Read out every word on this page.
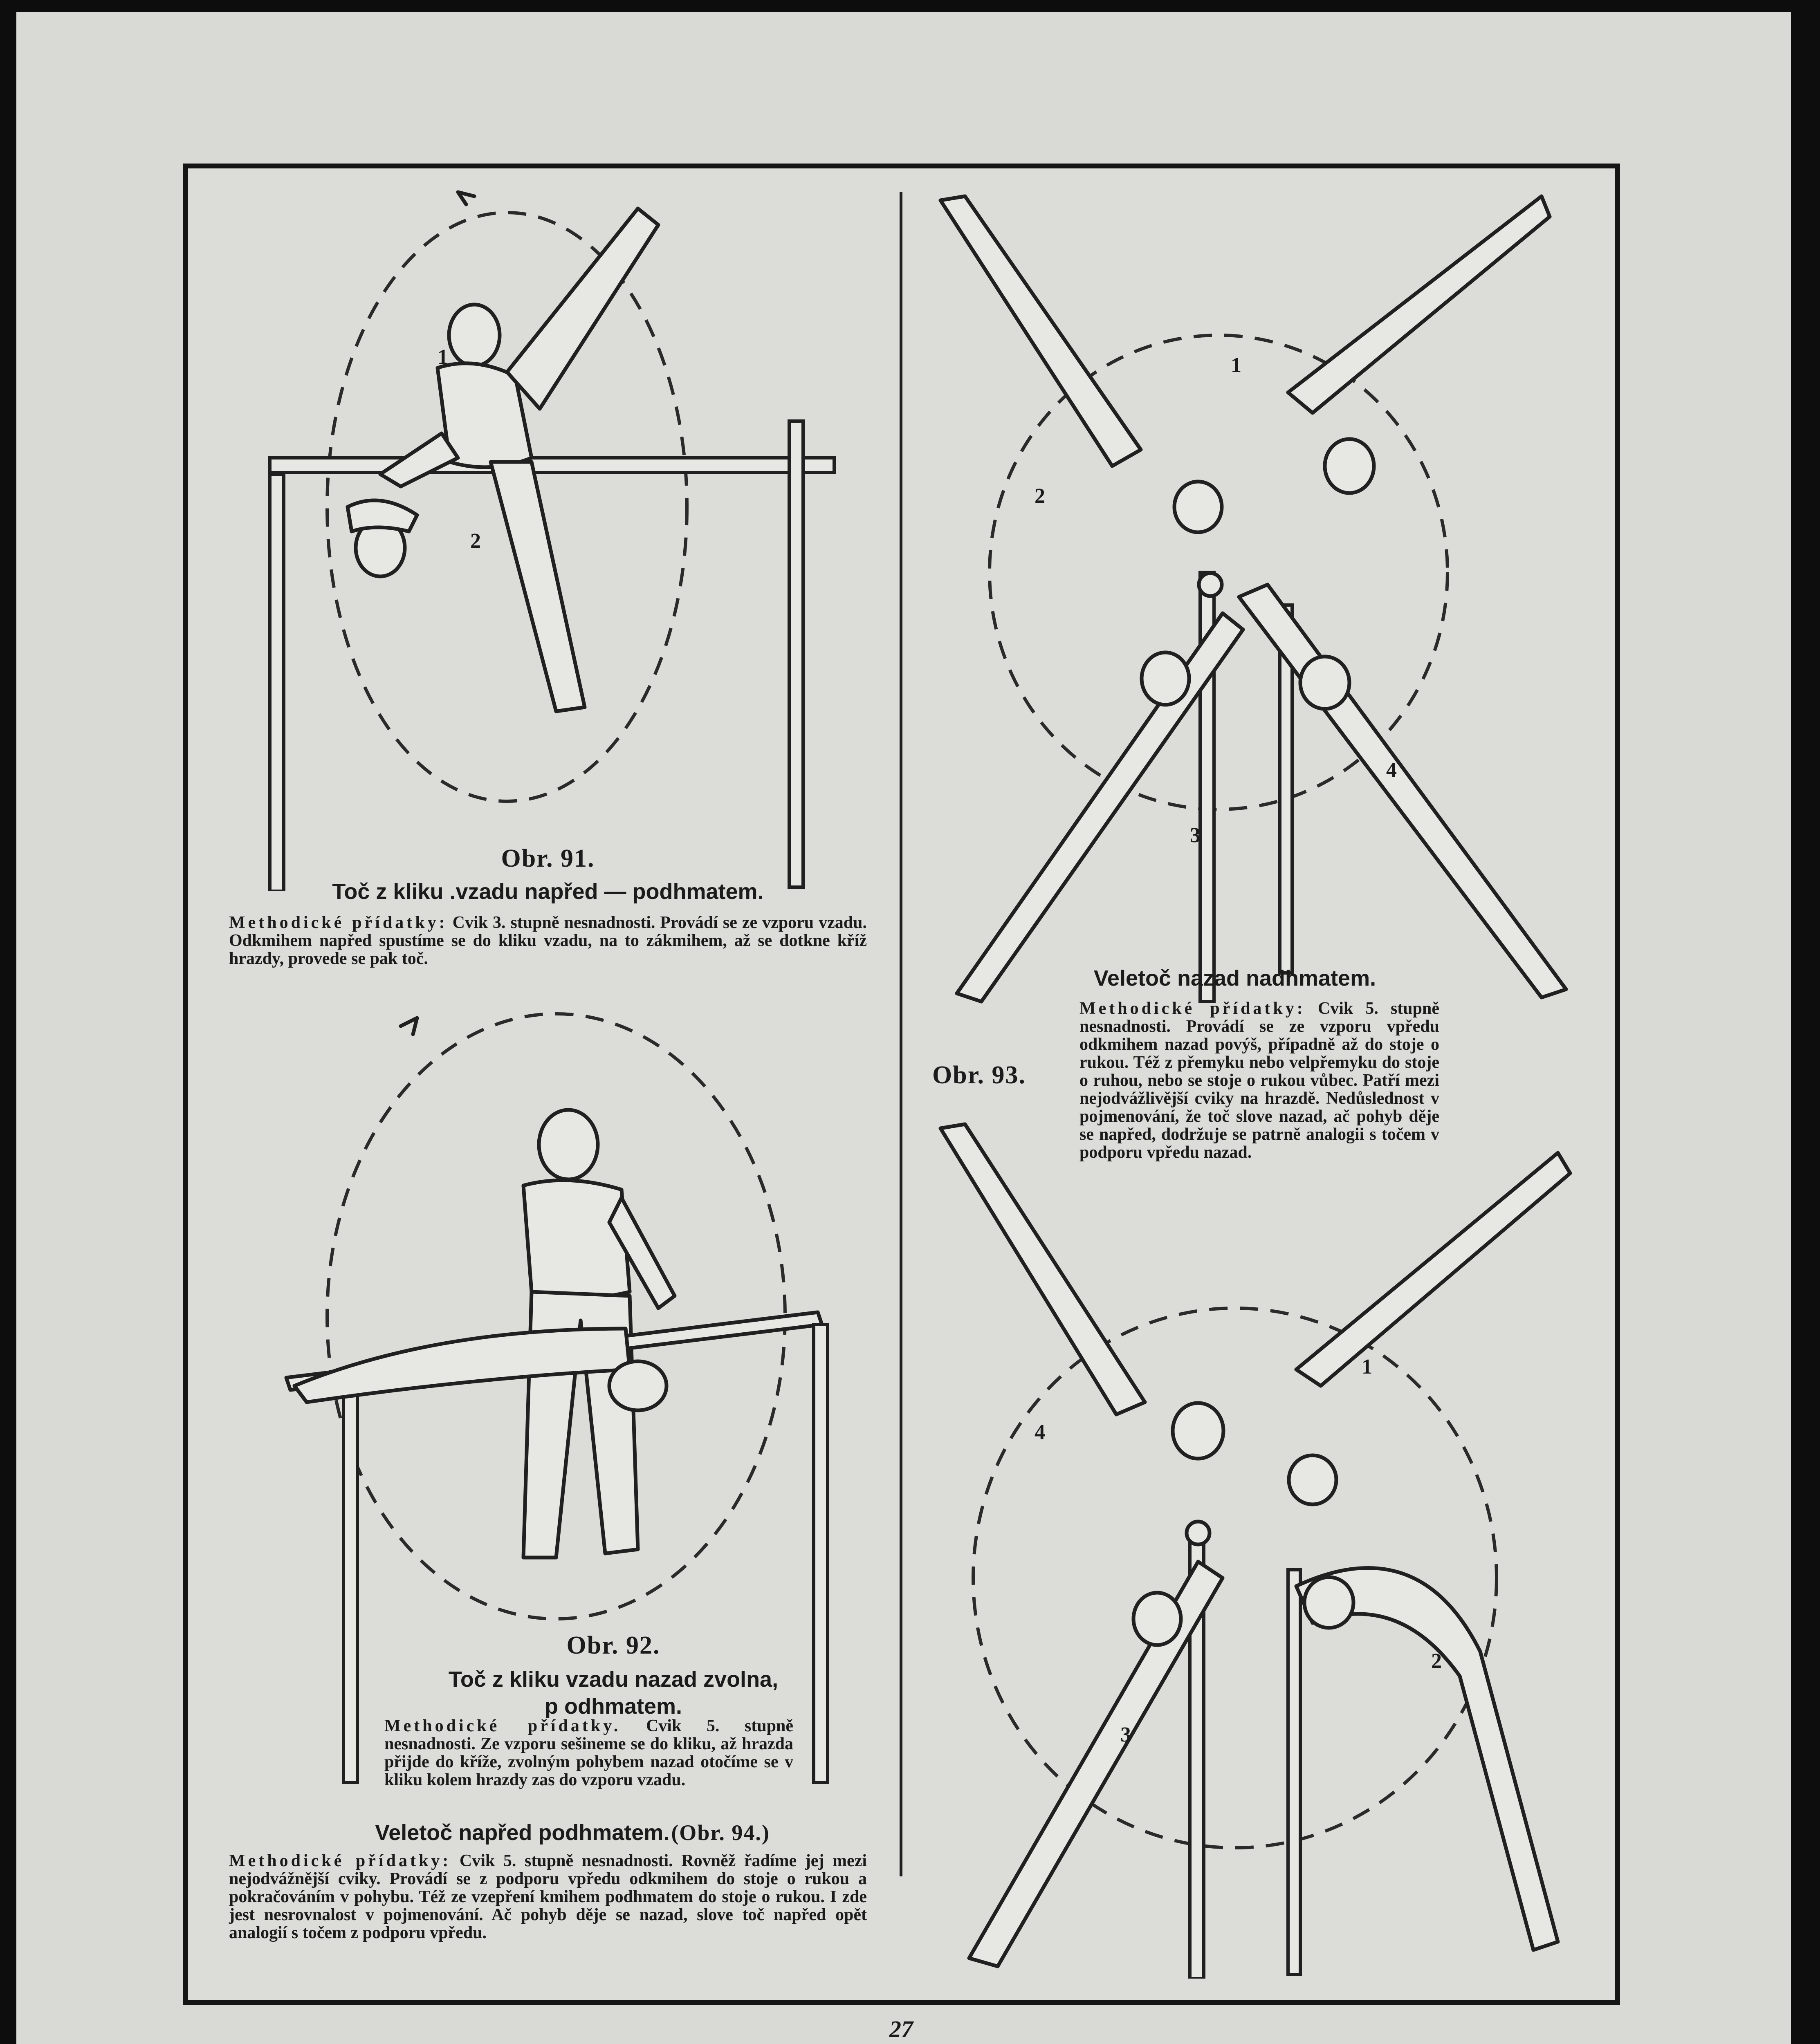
1
2
Obr. 91.
Toč z kliku .vzadu napřed — podhmatem.
Methodické přídatky: Cvik 3. stupně nesnadnosti. Provádí se ze vzporu vzadu. Odkmihem napřed spustíme se do kliku vzadu, na to zákmihem, až se dotkne kříž hrazdy, provede se pak toč.
Obr. 92.
Toč z kliku vzadu nazad zvolna,
p odhmatem.
Methodické přídatky. Cvik 5. stupně nesnadnosti. Ze vzporu sešineme se do kliku, až hrazda přijde do kříže, zvolným pohybem nazad otočíme se v kliku kolem hrazdy zas do vzporu vzadu.
Veletoč napřed podhmatem. (Obr. 94.)
Methodické přídatky: Cvik 5. stupně nesnadnosti. Rovněž řadíme jej mezi nejodvážnější cviky. Provádí se z podporu vpředu odkmihem do stoje o rukou a pokračováním v pohybu. Též ze vzepření kmihem podhmatem do stoje o rukou. I zde jest nesrovnalost v pojmenování. Ač pohyb děje se nazad, slove toč napřed opět analogií s točem z podporu vpředu.
1
2
3
4
Veletoč nazad nadhmatem.
Obr. 93.
Methodické přídatky: Cvik 5. stupně nesnadnosti. Provádí se ze vzporu vpředu odkmihem nazad povýš, případně až do stoje o rukou. Též z přemyku nebo velpřemyku do stoje o ruhou, nebo se stoje o rukou vůbec. Patří mezi nejodvážlivější cviky na hrazdě. Nedůslednost v pojmenování, že toč slove nazad, ač pohyb děje se napřed, dodržuje se patrně analogii s točem v podporu vpředu nazad.
1
2
3
4
27
